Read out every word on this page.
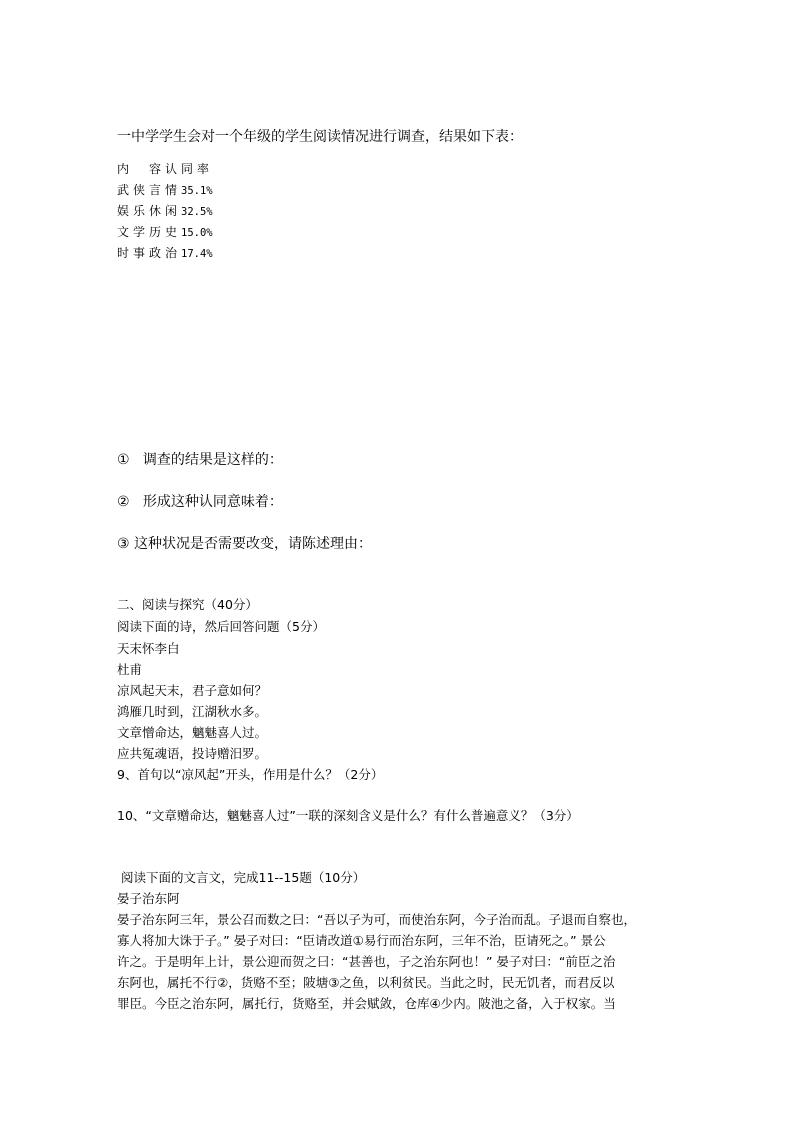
一中学学生会对一个年级的学生阅读情况进行调查，结果如下表：
内　容认同率
武侠言情35.1%
娱乐休闲32.5%
文学历史15.0%
时事政治17.4%
① 调查的结果是这样的：
② 形成这种认同意味着：
③ 这种状况是否需要改变，请陈述理由：
二、阅读与探究（40分）
阅读下面的诗，然后回答问题（5分）
天末怀李白
杜甫
凉风起天末，君子意如何？
鸿雁几时到，江湖秋水多。
文章憎命达，魑魅喜人过。
应共冤魂语，投诗赠汨罗。
9、首句以“凉风起”开头，作用是什么？（2分）
10、“文章赠命达，魑魅喜人过”一联的深刻含义是什么？有什么普遍意义？（3分）
阅读下面的文言文，完成11--15题（10分）
晏子治东阿
晏子治东阿三年，景公召而数之曰：“吾以子为可，而使治东阿，今子治而乱。子退而自察也，
寡人将加大诛于子。” 晏子对曰：“臣请改道①易行而治东阿，三年不治，臣请死之。” 景公
许之。于是明年上计，景公迎而贺之曰：“甚善也，子之治东阿也！” 晏子对曰：“前臣之治
东阿也，属托不行②，货赂不至；陂塘③之鱼，以利贫民。当此之时，民无饥者，而君反以
罪臣。今臣之治东阿，属托行，货赂至，并会赋敛，仓库④少内。陂池之备，入于权家。当
